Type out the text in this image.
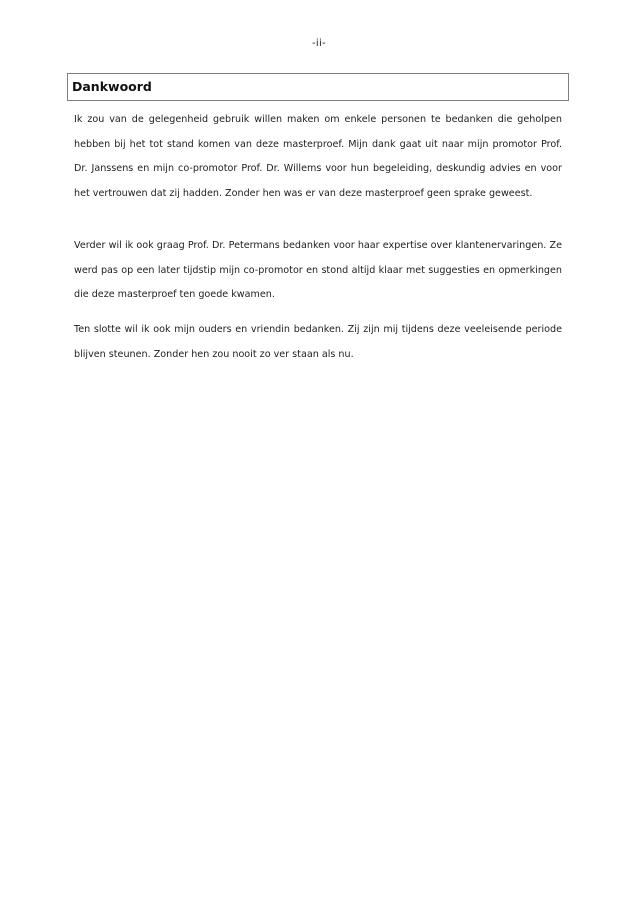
-ii-
Dankwoord

Ik zou van de gelegenheid gebruik willen maken om enkele personen te bedanken die geholpen hebben bij het tot stand komen van deze masterproef. Mijn dank gaat uit naar mijn promotor Prof. Dr. Janssens en mijn co-promotor Prof. Dr. Willems voor hun begeleiding, deskundig advies en voor het vertrouwen dat zij hadden. Zonder hen was er van deze masterproef geen sprake geweest.

Verder wil ik ook graag Prof. Dr. Petermans bedanken voor haar expertise over klantenervaringen. Ze werd pas op een later tijdstip mijn co-promotor en stond altijd klaar met suggesties en opmerkingen die deze masterproef ten goede kwamen.

Ten slotte wil ik ook mijn ouders en vriendin bedanken. Zij zijn mij tijdens deze veeleisende periode blijven steunen. Zonder hen zou nooit zo ver staan als nu.
